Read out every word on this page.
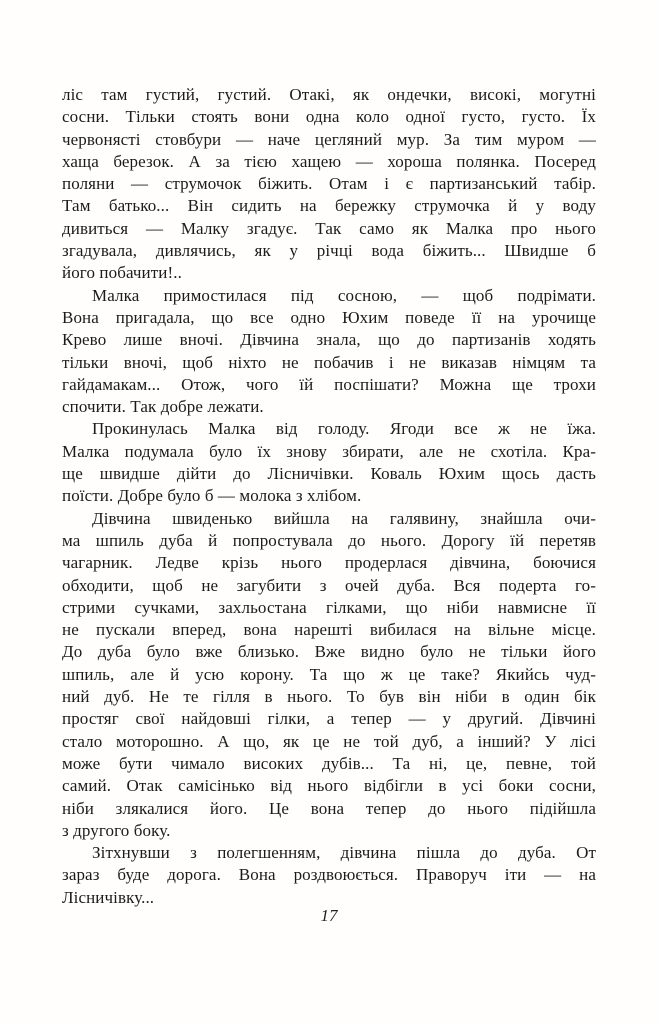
ліс там густий, густий. Отакі, як ондечки, високі, могутні
сосни. Тільки стоять вони одна коло одної густо, густо. Їх
червонясті стовбури — наче цегляний мур. За тим муром —
хаща березок. А за тією хащею — хороша полянка. Посеред
поляни — струмочок біжить. Отам і є партизанський табір.
Там батько... Він сидить на бережку струмочка й у воду
дивиться — Малку згадує. Так само як Малка про нього
згадувала, дивлячись, як у річці вода біжить... Швидше б
його побачити!..

Малка примостилася під сосною, — щоб подрімати.
Вона пригадала, що все одно Юхим поведе її на урочище
Крево лише вночі. Дівчина знала, що до партизанів ходять
тільки вночі, щоб ніхто не побачив і не виказав німцям та
гайдамакам... Отож, чого їй поспішати? Можна ще трохи
спочити. Так добре лежати.

Прокинулась Малка від голоду. Ягоди все ж не їжа.
Малка подумала було їх знову збирати, але не схотіла. Кра-
ще швидше дійти до Лісничівки. Коваль Юхим щось дасть
поїсти. Добре було б — молока з хлібом.

Дівчина швиденько вийшла на галявину, знайшла очи-
ма шпиль дуба й попростувала до нього. Дорогу їй перетяв
чагарник. Ледве крізь нього продерлася дівчина, боючися
обходити, щоб не загубити з очей дуба. Вся подерта го-
стрими сучками, захльостана гілками, що ніби навмисне її
не пускали вперед, вона нарешті вибилася на вільне місце.
До дуба було вже близько. Вже видно було не тільки його
шпиль, але й усю корону. Та що ж це таке? Якийсь чуд-
ний дуб. Не те гілля в нього. То був він ніби в один бік
простяг свої найдовші гілки, а тепер — у другий. Дівчині
стало моторошно. А що, як це не той дуб, а інший? У лісі
може бути чимало високих дубів... Та ні, це, певне, той
самий. Отак самісінько від нього відбігли в усі боки сосни,
ніби злякалися його. Це вона тепер до нього підійшла
з другого боку.

Зітхнувши з полегшенням, дівчина пішла до дуба. От
зараз буде дорога. Вона роздвоюється. Праворуч іти — на
Лісничівку...

17
